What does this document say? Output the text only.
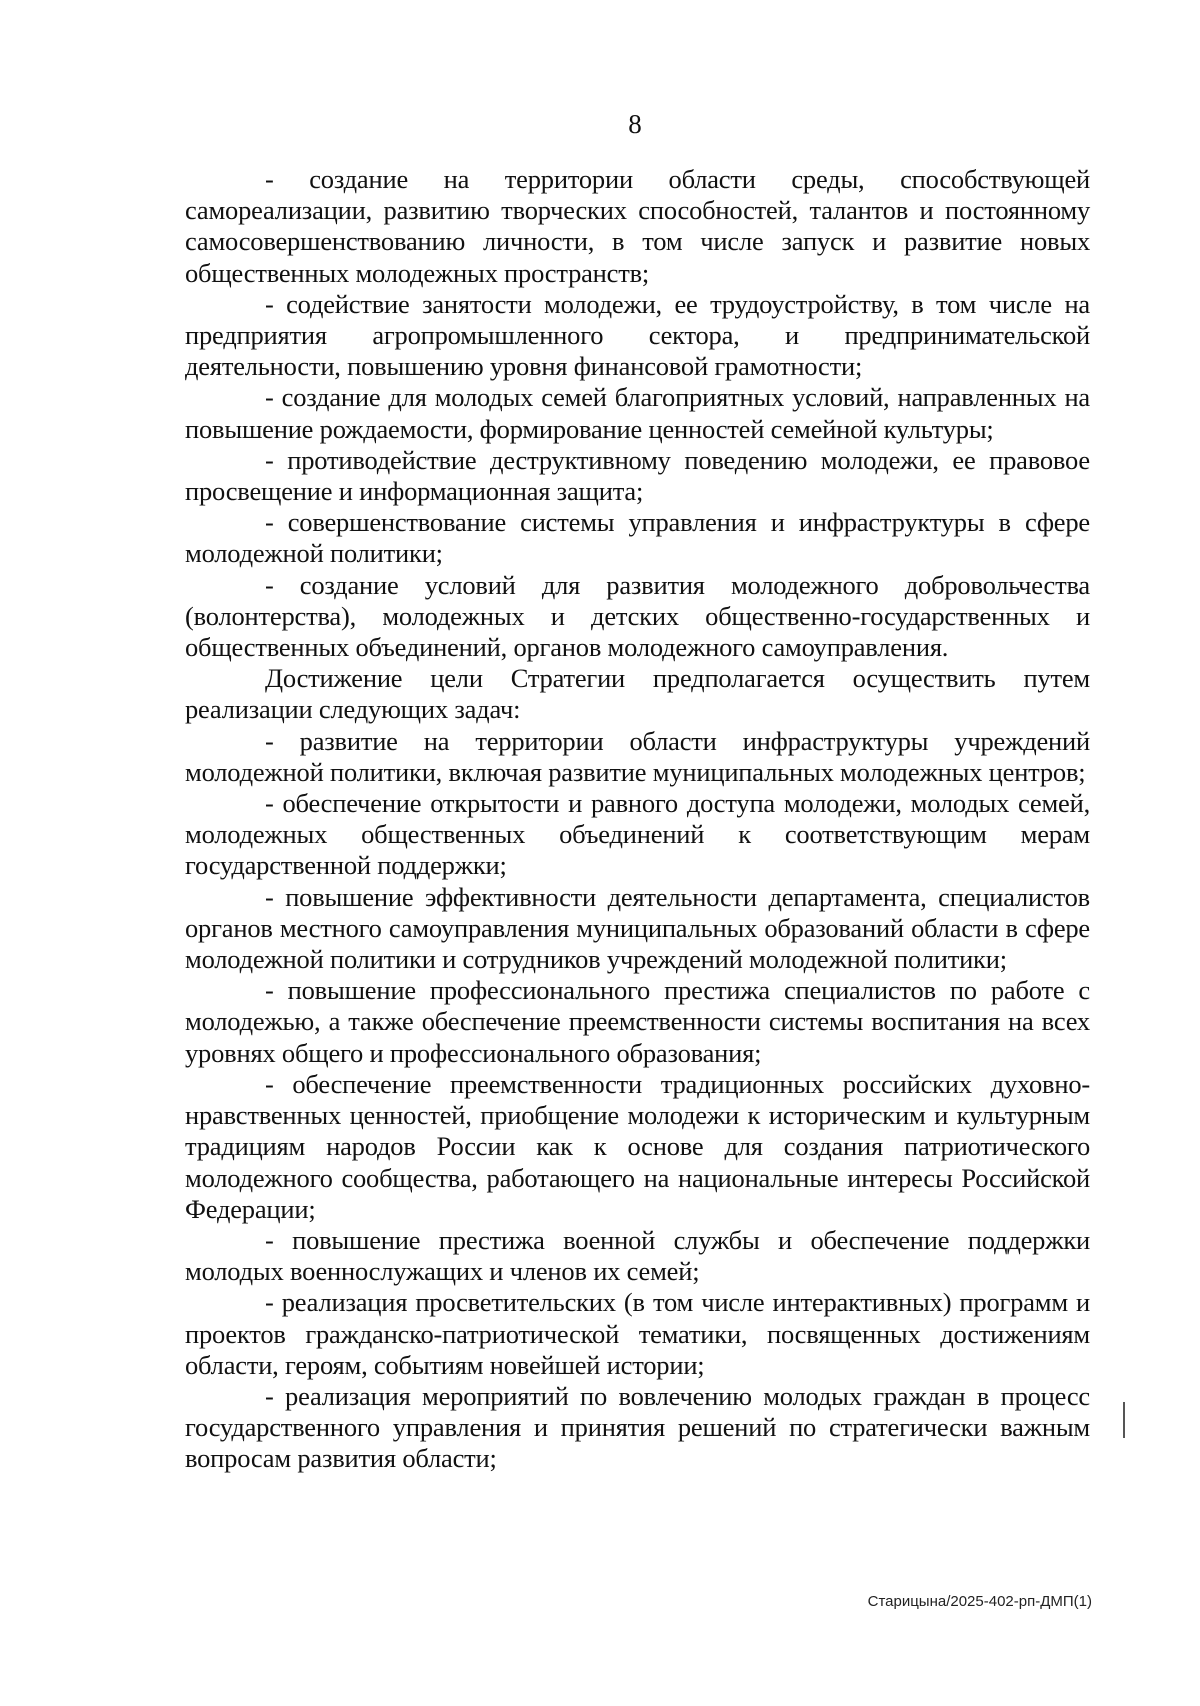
8

- создание на территории области среды, способствующей самореализации, развитию творческих способностей, талантов и постоянному самосовершенствованию личности, в том числе запуск и развитие новых общественных молодежных пространств;

- содействие занятости молодежи, ее трудоустройству, в том числе на предприятия агропромышленного сектора, и предпринимательской деятельности, повышению уровня финансовой грамотности;

- создание для молодых семей благоприятных условий, направленных на повышение рождаемости, формирование ценностей семейной культуры;

- противодействие деструктивному поведению молодежи, ее правовое просвещение и информационная защита;

- совершенствование системы управления и инфраструктуры в сфере молодежной политики;

- создание условий для развития молодежного добровольчества (волонтерства), молодежных и детских общественно-государственных и общественных объединений, органов молодежного самоуправления.

Достижение цели Стратегии предполагается осуществить путем реализации следующих задач:

- развитие на территории области инфраструктуры учреждений молодежной политики, включая развитие муниципальных молодежных центров;

- обеспечение открытости и равного доступа молодежи, молодых семей, молодежных общественных объединений к соответствующим мерам государственной поддержки;

- повышение эффективности деятельности департамента, специалистов органов местного самоуправления муниципальных образований области в сфере молодежной политики и сотрудников учреждений молодежной политики;

- повышение профессионального престижа специалистов по работе с молодежью, а также обеспечение преемственности системы воспитания на всех уровнях общего и профессионального образования;

- обеспечение преемственности традиционных российских духовно-нравственных ценностей, приобщение молодежи к историческим и культурным традициям народов России как к основе для создания патриотического молодежного сообщества, работающего на национальные интересы Российской Федерации;

- повышение престижа военной службы и обеспечение поддержки молодых военнослужащих и членов их семей;

- реализация просветительских (в том числе интерактивных) программ и проектов гражданско-патриотической тематики, посвященных достижениям области, героям, событиям новейшей истории;

- реализация мероприятий по вовлечению молодых граждан в процесс государственного управления и принятия решений по стратегически важным вопросам развития области;

Старицына/2025-402-рп-ДМП(1)
